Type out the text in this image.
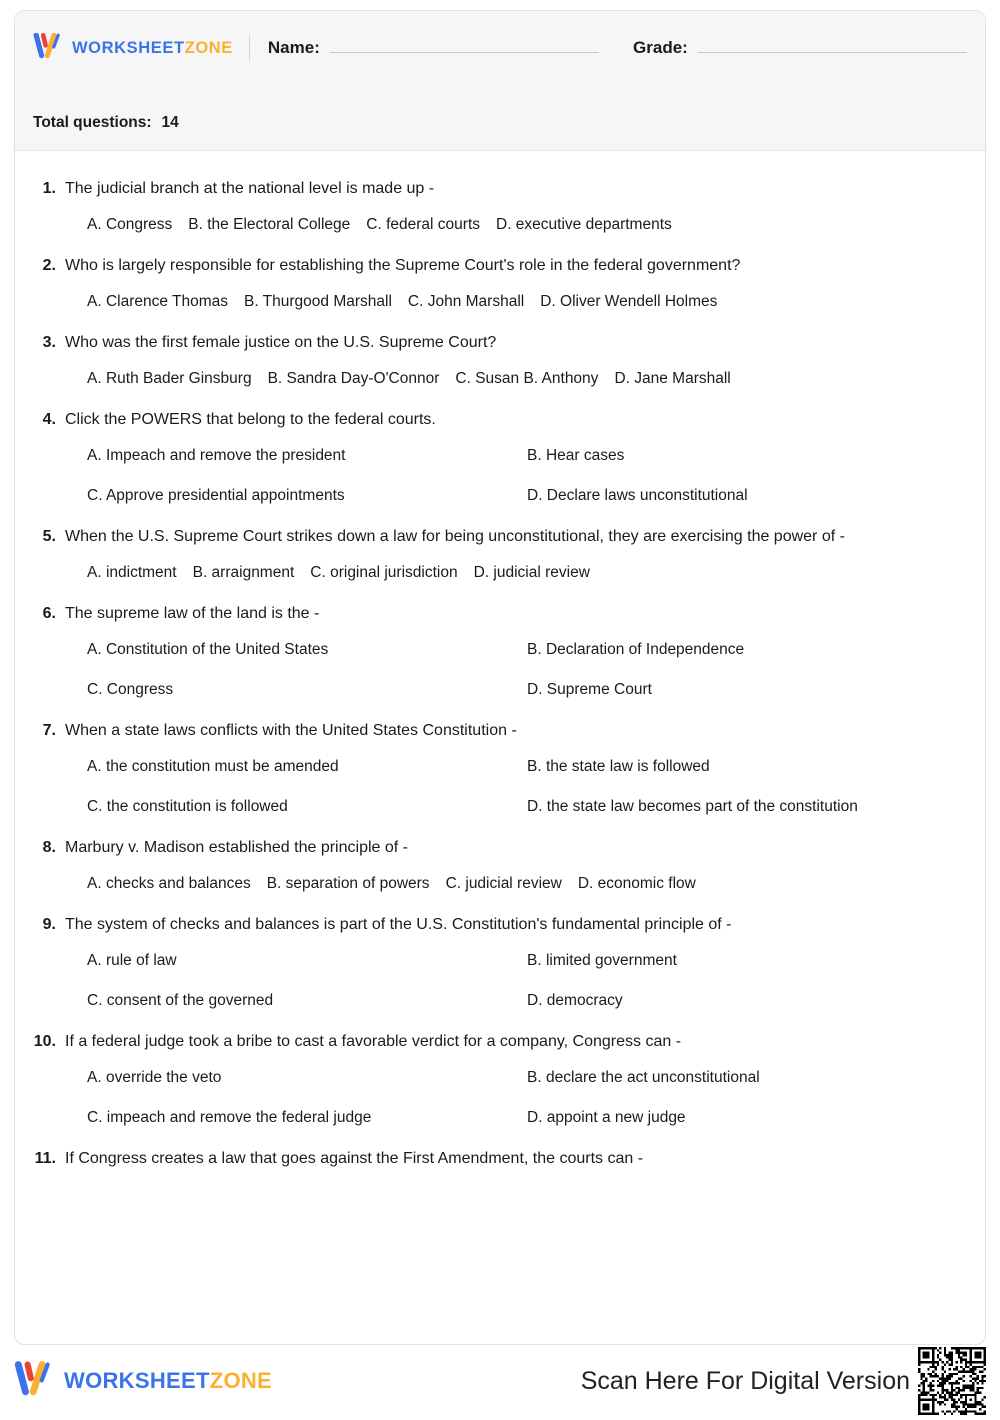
WORKSHEETZONE Name:	Grade:
Total questions: 14
1. The judicial branch at the national level is made up -
A. Congress	B. the Electoral College	C. federal courts	D. executive departments
2. Who is largely responsible for establishing the Supreme Court's role in the federal government?
A. Clarence Thomas	B. Thurgood Marshall	C. John Marshall	D. Oliver Wendell Holmes
3. Who was the first female justice on the U.S. Supreme Court?
A. Ruth Bader Ginsburg	B. Sandra Day-O'Connor	C. Susan B. Anthony	D. Jane Marshall
4. Click the POWERS that belong to the federal courts.
A. Impeach and remove the president	B. Hear cases
C. Approve presidential appointments	D. Declare laws unconstitutional
5. When the U.S. Supreme Court strikes down a law for being unconstitutional, they are exercising the power of -
A. indictment	B. arraignment	C. original jurisdiction	D. judicial review
6. The supreme law of the land is the -
A. Constitution of the United States	B. Declaration of Independence
C. Congress	D. Supreme Court
7. When a state laws conflicts with the United States Constitution -
A. the constitution must be amended	B. the state law is followed
C. the constitution is followed	D. the state law becomes part of the constitution
8. Marbury v. Madison established the principle of -
A. checks and balances	B. separation of powers	C. judicial review	D. economic flow
9. The system of checks and balances is part of the U.S. Constitution's fundamental principle of -
A. rule of law	B. limited government
C. consent of the governed	D. democracy
10. If a federal judge took a bribe to cast a favorable verdict for a company, Congress can -
A. override the veto	B. declare the act unconstitutional
C. impeach and remove the federal judge	D. appoint a new judge
11. If Congress creates a law that goes against the First Amendment, the courts can -
WORKSHEETZONE	Scan Here For Digital Version
